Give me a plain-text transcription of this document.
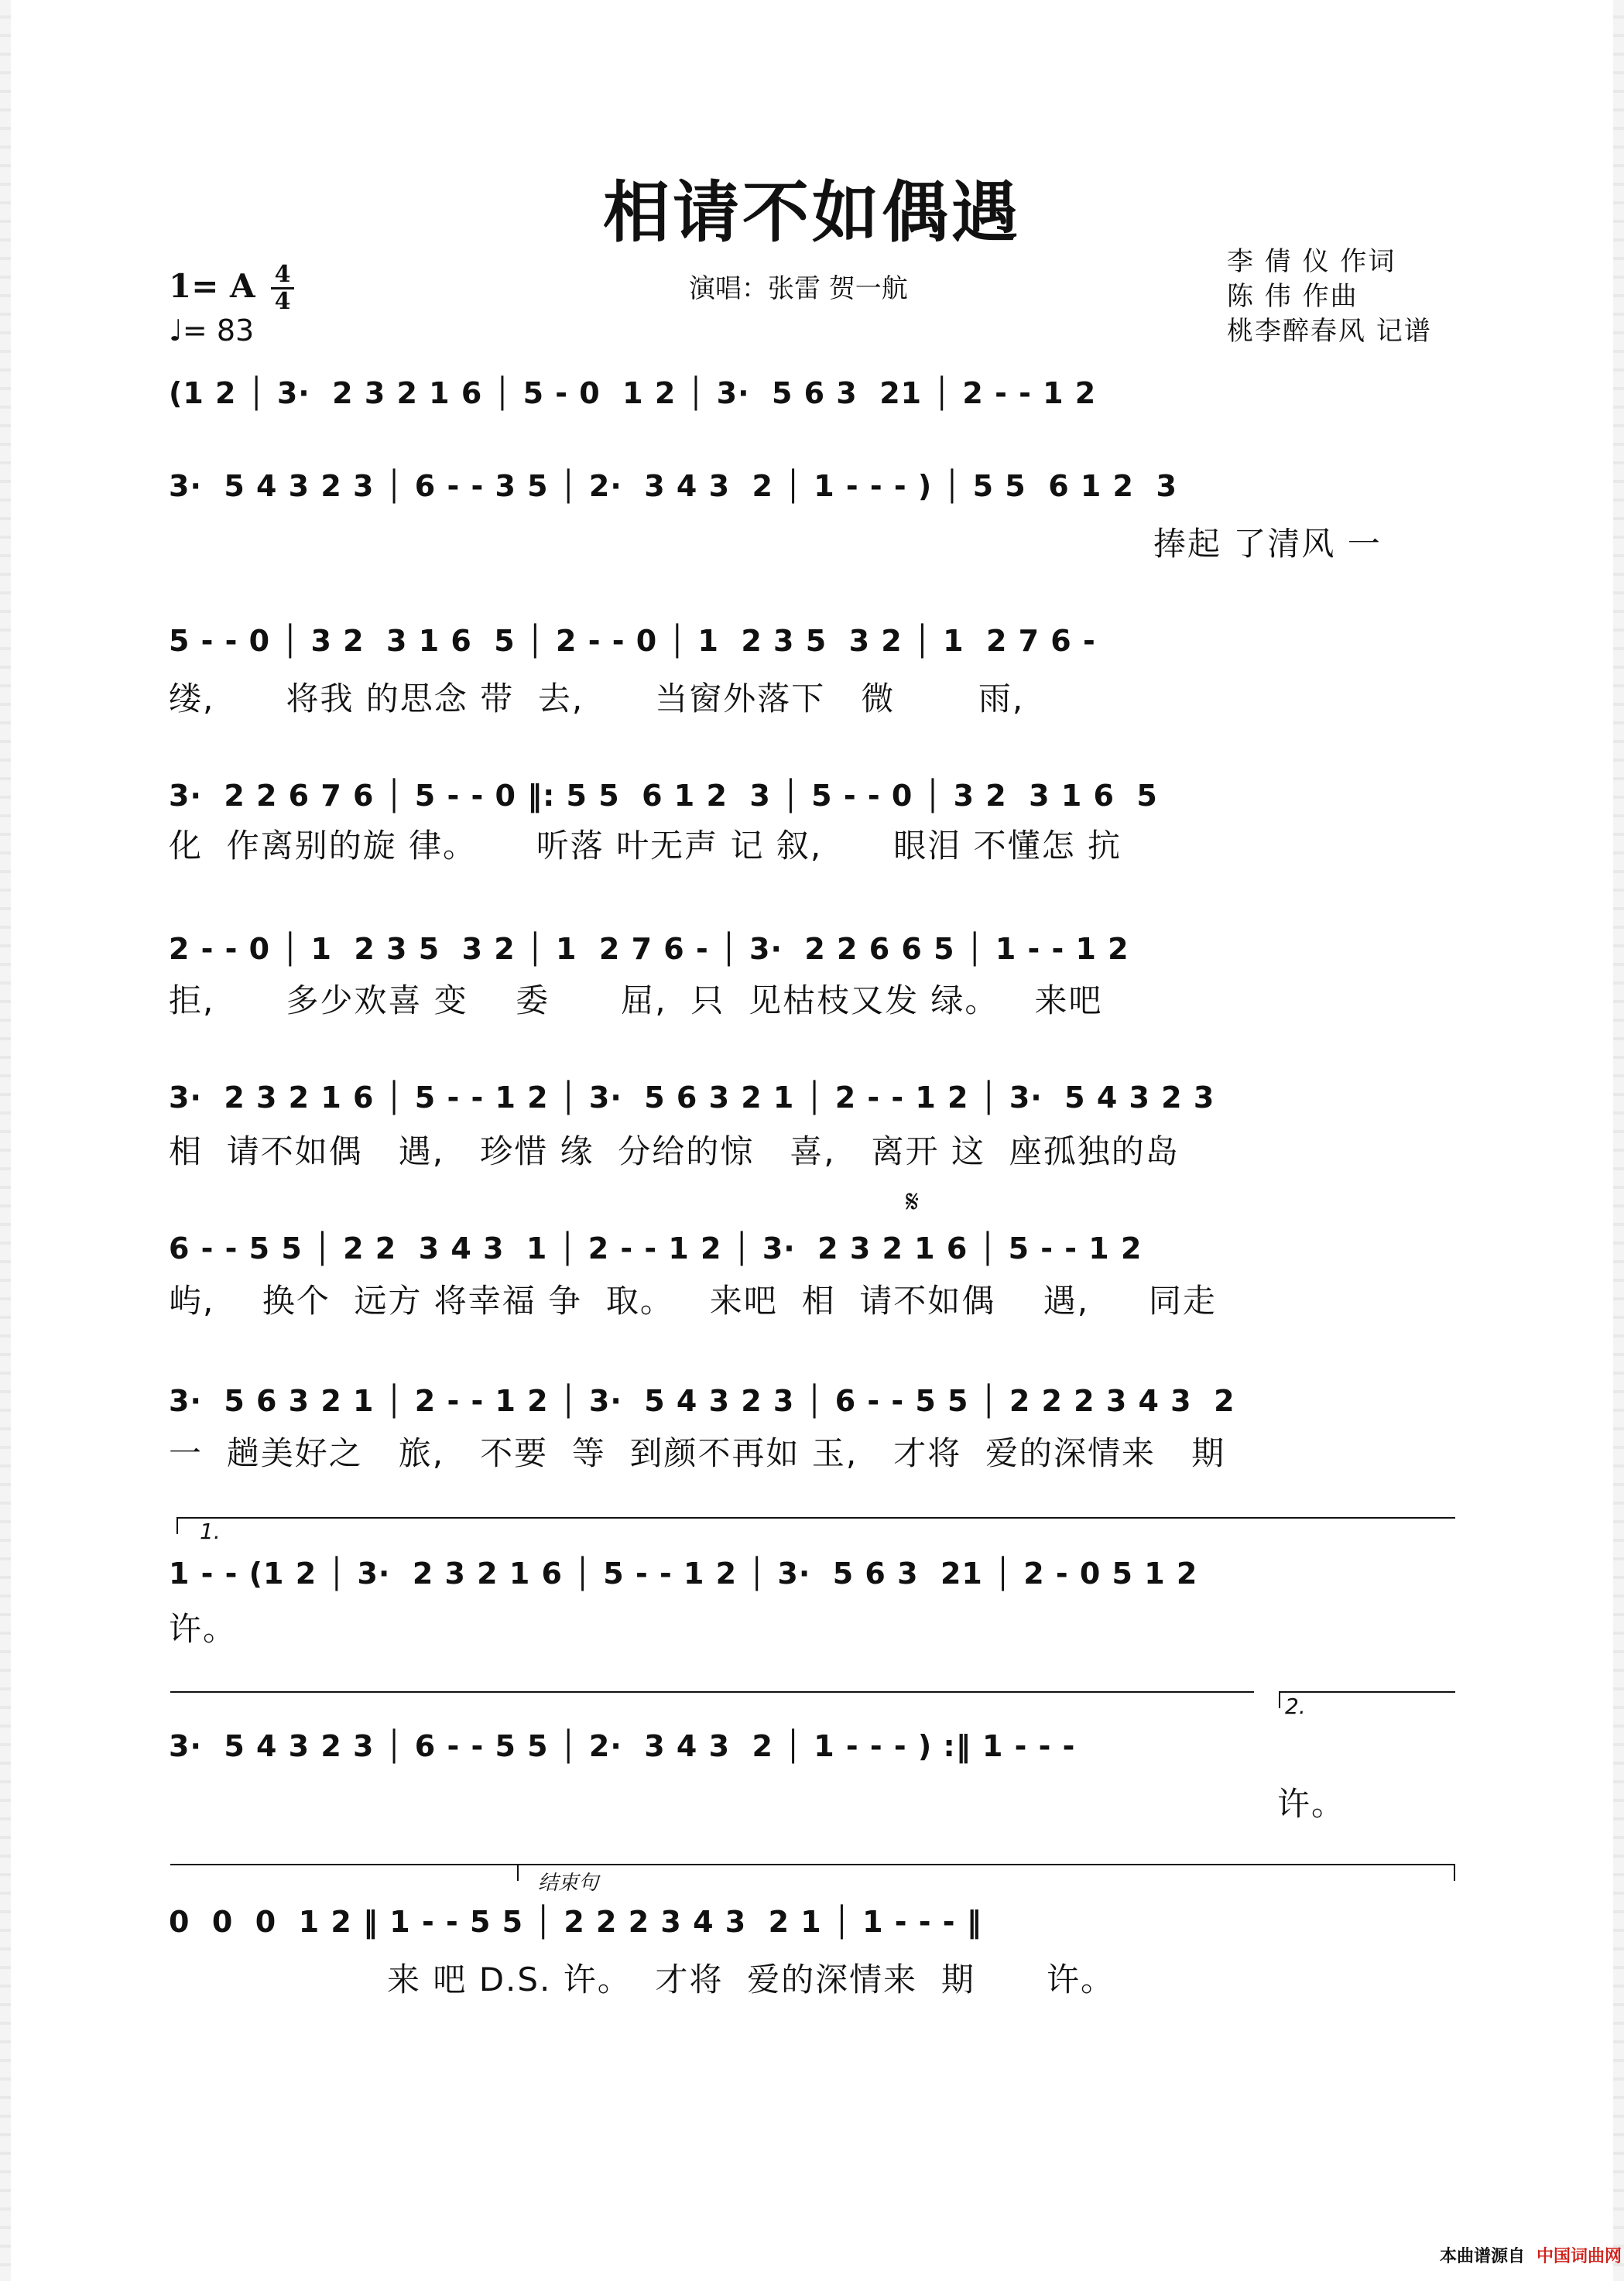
相请不如偶遇
1= A 4
4
♩= 83
演唱：张雷 贺一航
李 倩 仪 作词
陈 伟 作曲
桃李醉春风 记谱
(1 2 │ 3·  2 3 2 1 6 │ 5 - 0  1 2 │ 3·  5 6 3  21 │ 2 - - 1 2
3·  5 4 3 2 3 │ 6 - - 3 5 │ 2·  3 4 3  2 │ 1 - - - ) │ 5 5  6 1 2  3
捧起 了清风 一
5 - - 0 │ 3 2  3 1 6  5 │ 2 - - 0 │ 1  2 3 5  3 2 │ 1  2 7 6 -
缕,      将我 的思念 带  去,      当窗外落下   微       雨,
3·  2 2 6 7 6 │ 5 - - 0 ‖: 5 5  6 1 2  3 │ 5 - - 0 │ 3 2  3 1 6  5
化  作离别的旋 律。     听落 叶无声 记 叙,      眼泪 不懂怎 抗
2 - - 0 │ 1  2 3 5  3 2 │ 1  2 7 6 - │ 3·  2 2 6 6 5 │ 1 - - 1 2
拒,      多少欢喜 变    委      屈,  只  见枯枝又发 绿。   来吧
3·  2 3 2 1 6 │ 5 - - 1 2 │ 3·  5 6 3 2 1 │ 2 - - 1 2 │ 3·  5 4 3 2 3
相  请不如偶   遇,   珍惜 缘  分给的惊   喜,   离开 这  座孤独的岛
𝄋
6 - - 5 5 │ 2 2  3 4 3  1 │ 2 - - 1 2 │ 3·  2 3 2 1 6 │ 5 - - 1 2
屿,    换个  远方 将幸福 争  取。   来吧  相  请不如偶    遇,     同走
3·  5 6 3 2 1 │ 2 - - 1 2 │ 3·  5 4 3 2 3 │ 6 - - 5 5 │ 2 2 2 3 4 3  2
一  趟美好之   旅,   不要  等  到颜不再如 玉,   才将  爱的深情来   期
1.
1 - - (1 2 │ 3·  2 3 2 1 6 │ 5 - - 1 2 │ 3·  5 6 3  21 │ 2 - 0 5 1 2
许。
2.
3·  5 4 3 2 3 │ 6 - - 5 5 │ 2·  3 4 3  2 │ 1 - - - ) :‖ 1 - - -
许。
结束句
0  0  0  1 2 ‖ 1 - - 5 5 │ 2 2 2 3 4 3  2 1 │ 1 - - - ‖
来 吧 D.S. 许。  才将  爱的深情来  期      许。
本曲谱源自 中国词曲网
